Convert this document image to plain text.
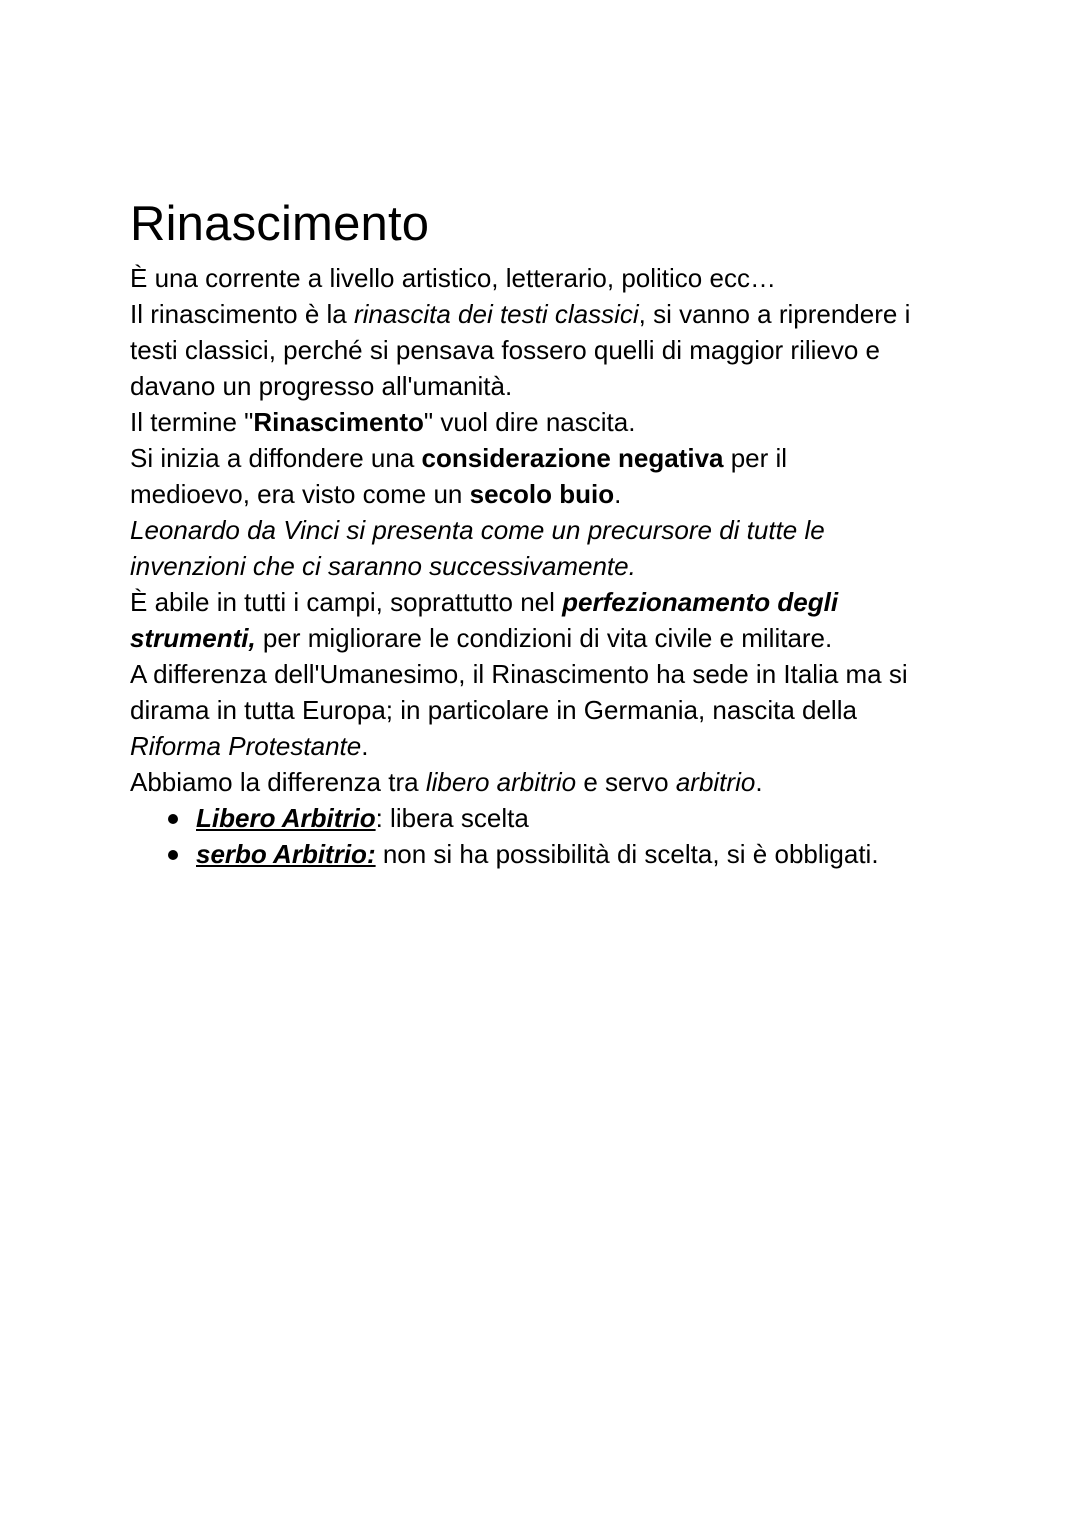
Rinascimento

È una corrente a livello artistico, letterario, politico ecc…

Il rinascimento è la rinascita dei testi classici, si vanno a riprendere i

testi classici, perché si pensava fossero quelli di maggior rilievo e

davano un progresso all'umanità.

Il termine "Rinascimento" vuol dire nascita.

Si inizia a diffondere una considerazione negativa per il

medioevo, era visto come un secolo buio.

Leonardo da Vinci si presenta come un precursore di tutte le

invenzioni che ci saranno successivamente.

È abile in tutti i campi, soprattutto nel perfezionamento degli

strumenti, per migliorare le condizioni di vita civile e militare.

A differenza dell'Umanesimo, il Rinascimento ha sede in Italia ma si

dirama in tutta Europa; in particolare in Germania, nascita della

Riforma Protestante.

Abbiamo la differenza tra libero arbitrio e servo arbitrio.

Libero Arbitrio: libera scelta
serbo Arbitrio: non si ha possibilità di scelta, si è obbligati.
